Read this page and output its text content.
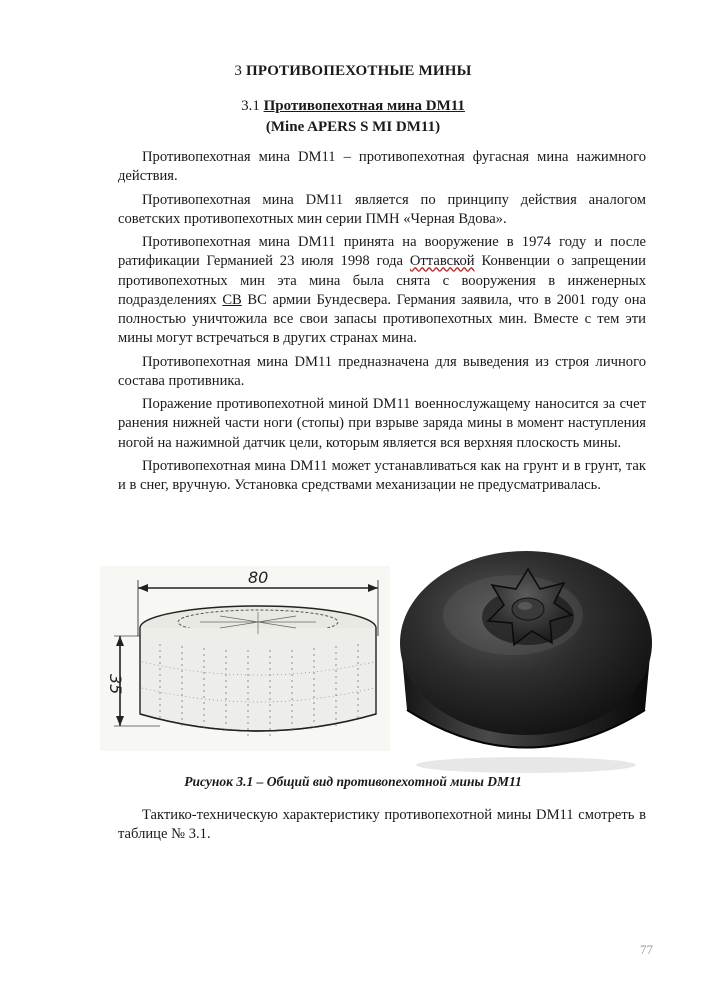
3 ПРОТИВОПЕХОТНЫЕ МИНЫ
3.1 Противопехотная мина DM11
(Mine APERS S MI DM11)

Противопехотная мина DM11 – противопехотная фугасная мина нажимного действия.

Противопехотная мина DM11 является по принципу действия аналогом советских противопехотных мин серии ПМН «Черная Вдова».

Противопехотная мина DM11 принята на вооружение в 1974 году и после ратификации Германией 23 июля 1998 года Оттавской Конвенции о запрещении противопехотных мин эта мина была снята с вооружения в инженерных подразделениях СВ ВС армии Бундесвера. Германия заявила, что в 2001 году она полностью уничтожила все свои запасы противопехотных мин. Вместе с тем эти мины могут встречаться в других странах мина.

Противопехотная мина DM11 предназначена для выведения из строя личного состава противника.

Поражение противопехотной миной DM11 военнослужащему наносится за счет ранения нижней части ноги (стопы) при взрыве заряда мины в момент наступления ногой на нажимной датчик цели, которым является вся верхняя плоскость мины.

Противопехотная мина DM11 может устанавливаться как на грунт и в грунт, так и в снег, вручную. Установка средствами механизации не предусматривалась.

80
35
Рисунок 3.1 – Общий вид противопехотной мины DM11

Тактико-техническую характеристику противопехотной мины DM11 смотреть в таблице № 3.1.

77
